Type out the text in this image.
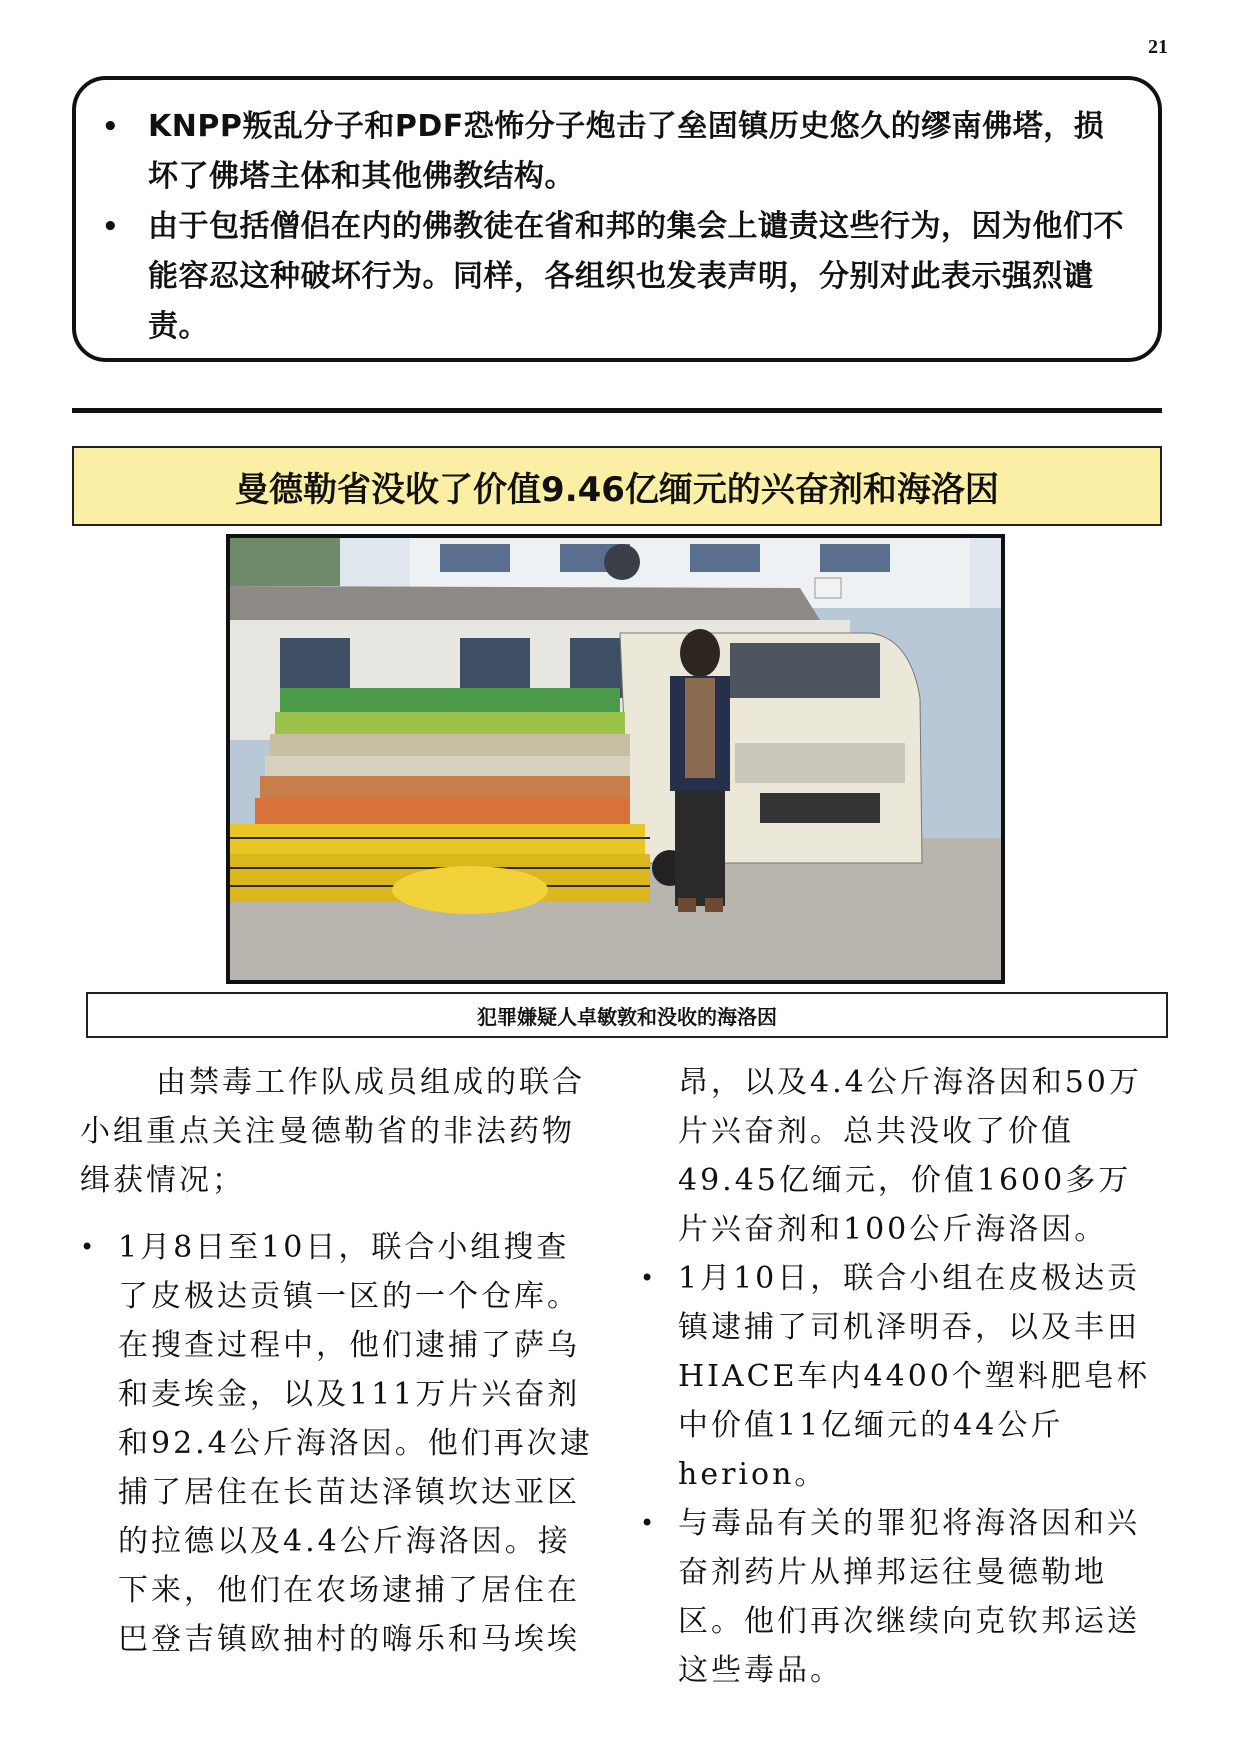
21
• KNPP叛乱分子和PDF恐怖分子炮击了垒固镇历史悠久的缪南佛塔，损坏了佛塔主体和其他佛教结构。
• 由于包括僧侣在内的佛教徒在省和邦的集会上谴责这些行为，因为他们不能容忍这种破坏行为。同样，各组织也发表声明，分别对此表示强烈谴责。
曼德勒省没收了价值9.46亿缅元的兴奋剂和海洛因
犯罪嫌疑人卓敏敦和没收的海洛因

由禁毒工作队成员组成的联合小组重点关注曼德勒省的非法药物缉获情况；

• 1月8日至10日，联合小组搜查了皮极达贡镇一区的一个仓库。在搜查过程中，他们逮捕了萨乌和麦埃金，以及111万片兴奋剂和92.4公斤海洛因。他们再次逮捕了居住在长苗达泽镇坎达亚区的拉德以及4.4公斤海洛因。接下来，他们在农场逮捕了居住在巴登吉镇欧抽村的嗨乐和马埃埃

昂，以及4.4公斤海洛因和50万片兴奋剂。总共没收了价值49.45亿缅元，价值1600多万片兴奋剂和100公斤海洛因。

• 1月10日，联合小组在皮极达贡镇逮捕了司机泽明吞，以及丰田HIACE车内4400个塑料肥皂杯中价值11亿缅元的44公斤herion。
• 与毒品有关的罪犯将海洛因和兴奋剂药片从掸邦运往曼德勒地区。他们再次继续向克钦邦运送这些毒品。
